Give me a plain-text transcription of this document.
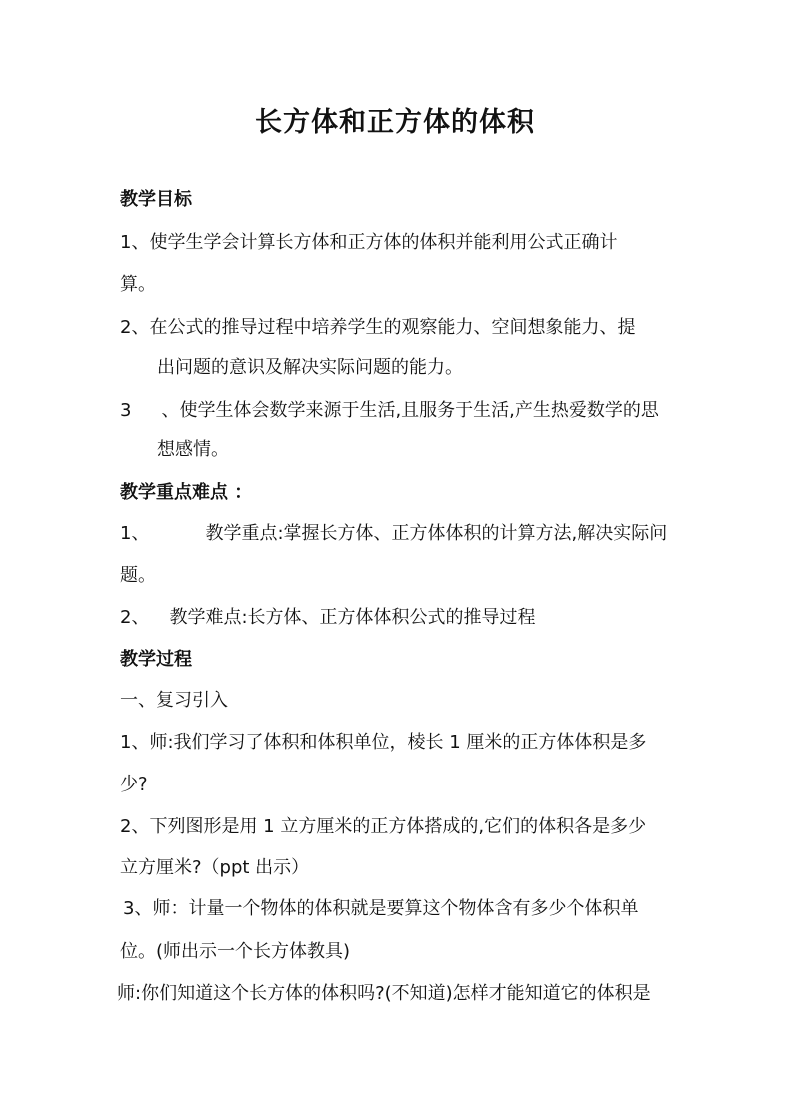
长方体和正方体的体积
教学目标
1、使学生学会计算长方体和正方体的体积并能利用公式正确计
算。
2、在公式的推导过程中培养学生的观察能力、空间想象能力、提
出问题的意识及解决实际问题的能力。
3 、使学生体会数学来源于生活,且服务于生活,产生热爱数学的思
想感情。
教学重点难点 ：
1、	教学重点:掌握长方体、正方体体积的计算方法,解决实际问
题。
2、 教学难点:长方体、正方体体积公式的推导过程
教学过程
一、复习引入
1、师:我们学习了体积和体积单位，棱长 1 厘米的正方体体积是多
少?
2、下列图形是用 1 立方厘米的正方体搭成的,它们的体积各是多少
立方厘米?（ppt 出示）
3、师：计量一个物体的体积就是要算这个物体含有多少个体积单
位。(师出示一个长方体教具)
师:你们知道这个长方体的体积吗?(不知道)怎样才能知道它的体积是
